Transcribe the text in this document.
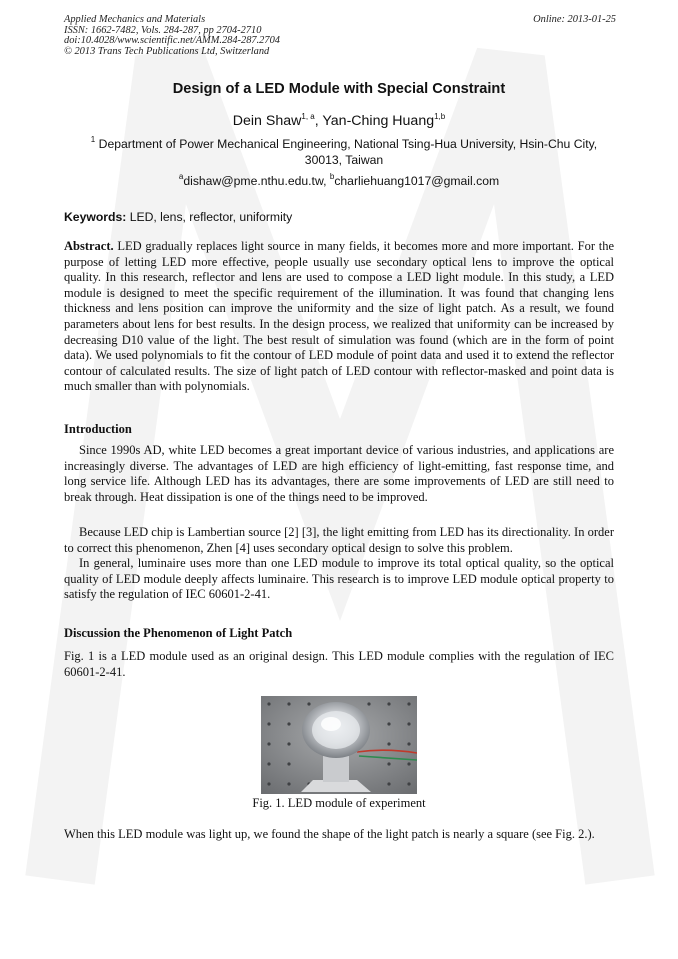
Applied Mechanics and Materials
ISSN: 1662-7482, Vols. 284-287, pp 2704-2710
doi:10.4028/www.scientific.net/AMM.284-287.2704
© 2013 Trans Tech Publications Ltd, Switzerland
Online: 2013-01-25
Design of a LED Module with Special Constraint
Dein Shaw$^{1, a}$, Yan-Ching Huang$^{1,b}$
$^1$ Department of Power Mechanical Engineering, National Tsing-Hua University, Hsin-Chu City, 30013, Taiwan
$^a$dishaw@pme.nthu.edu.tw, $^b$charliehuang1017@gmail.com
Keywords: LED, lens, reflector, uniformity
Abstract. LED gradually replaces light source in many fields, it becomes more and more important. For the purpose of letting LED more effective, people usually use secondary optical lens to improve the optical quality. In this research, reflector and lens are used to compose a LED light module. In this study, a LED module is designed to meet the specific requirement of the illumination. It was found that changing lens thickness and lens position can improve the uniformity and the size of light patch. As a result, we found parameters about lens for best results. In the design process, we realized that uniformity can be increased by decreasing D10 value of the light. The best result of simulation was found (which are in the form of point data). We used polynomials to fit the contour of LED module of point data and used it to extend the reflector contour of calculated results. The size of light patch of LED contour with reflector-masked and point data is much smaller than with polynomials.
Introduction
Since 1990s AD, white LED becomes a great important device of various industries, and applications are increasingly diverse. The advantages of LED are high efficiency of light-emitting, fast response time, and long service life. Although LED has its advantages, there are some improvements of LED are still need to break through. Heat dissipation is one of the things need to be improved.
Because LED chip is Lambertian source [2] [3], the light emitting from LED has its directionality. In order to correct this phenomenon, Zhen [4] uses secondary optical design to solve this problem.
In general, luminaire uses more than one LED module to improve its total optical quality, so the optical quality of LED module deeply affects luminaire. This research is to improve LED module optical property to satisfy the regulation of IEC 60601-2-41.
Discussion the Phenomenon of Light Patch
Fig. 1 is a LED module used as an original design. This LED module complies with the regulation of IEC 60601-2-41.
Fig. 1. LED module of experiment
When this LED module was light up, we found the shape of the light patch is nearly a square (see Fig. 2.).
